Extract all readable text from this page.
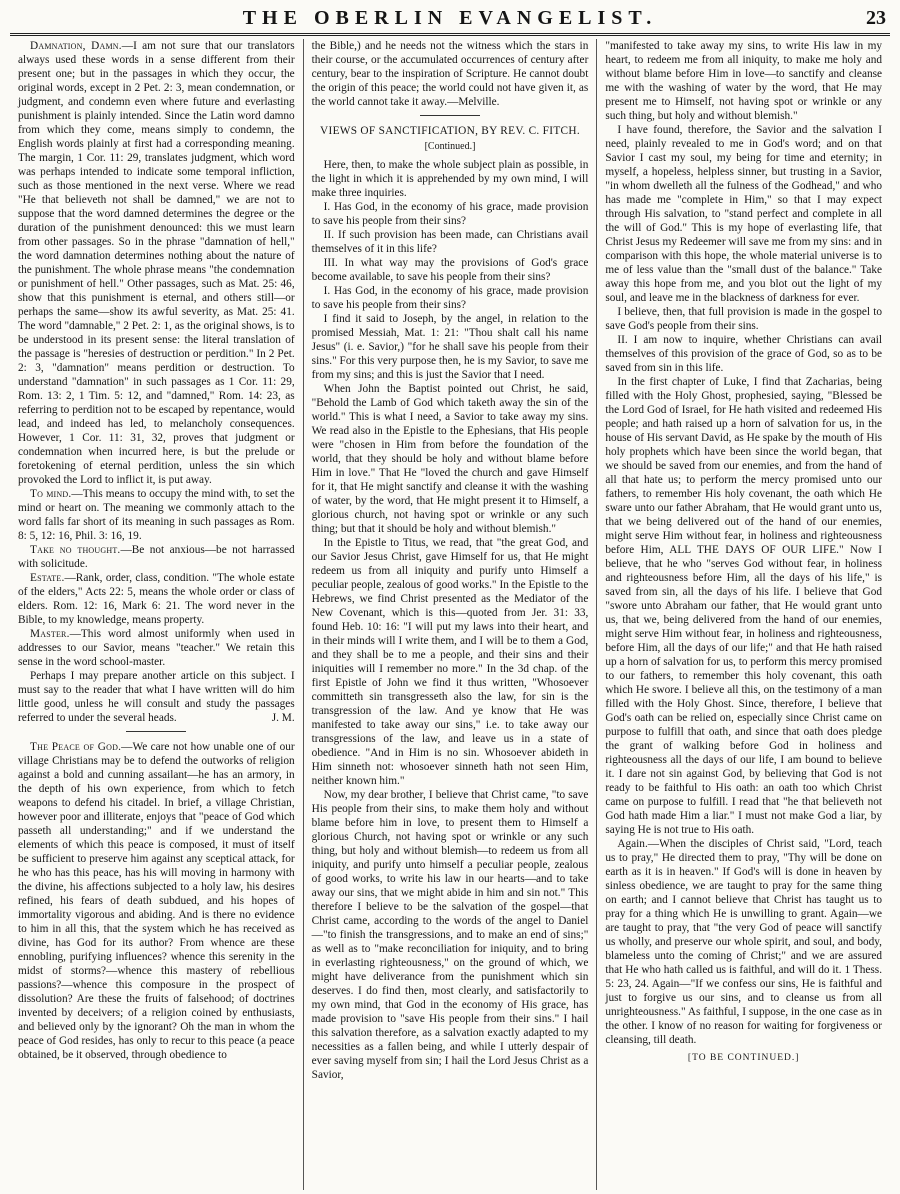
THE OBERLIN EVANGELIST.	23

Damnation, Damn.—I am not sure that our translators always used these words in a sense different from their present one; but in the passages in which they occur, the original words, except in 2 Pet. 2: 3, mean condemnation, or judgment, and condemn even where future and everlasting punishment is plainly intended. Since the Latin word damno from which they come, means simply to condemn, the English words plainly at first had a corresponding meaning. The margin, 1 Cor. 11: 29, translates judgment, which word was perhaps intended to indicate some temporal infliction, such as those mentioned in the next verse. Where we read "He that believeth not shall be damned," we are not to suppose that the word damned determines the degree or the duration of the punishment denounced: this we must learn from other passages. So in the phrase "damnation of hell," the word damnation determines nothing about the nature of the punishment. The whole phrase means "the condemnation or punishment of hell." Other passages, such as Mat. 25: 46, show that this punishment is eternal, and others still—or perhaps the same—show its awful severity, as Mat. 25: 41. The word "damnable," 2 Pet. 2: 1, as the original shows, is to be understood in its present sense: the literal translation of the passage is "heresies of destruction or perdition." In 2 Pet. 2: 3, "damnation" means perdition or destruction. To understand "damnation" in such passages as 1 Cor. 11: 29, Rom. 13: 2, 1 Tim. 5: 12, and "damned," Rom. 14: 23, as referring to perdition not to be escaped by repentance, would lead, and indeed has led, to melancholy consequences. However, 1 Cor. 11: 31, 32, proves that judgment or condemnation when incurred here, is but the prelude or foretokening of eternal perdition, unless the sin which provoked the Lord to inflict it, is put away.

To mind.—This means to occupy the mind with, to set the mind or heart on. The meaning we commonly attach to the word falls far short of its meaning in such passages as Rom. 8: 5, 12: 16, Phil. 3: 16, 19.

Take no thought.—Be not anxious—be not harrassed with solicitude.

Estate.—Rank, order, class, condition. "The whole estate of the elders," Acts 22: 5, means the whole order or class of elders. Rom. 12: 16, Mark 6: 21. The word never in the Bible, to my knowledge, means property.

Master.—This word almost uniformly when used in addresses to our Savior, means "teacher." We retain this sense in the word school-master.

Perhaps I may prepare another article on this subject. I must say to the reader that what I have written will do him little good, unless he will consult and study the passages referred to under the several heads.	J. M.

The Peace of God.—We care not how unable one of our village Christians may be to defend the outworks of religion against a bold and cunning assailant—he has an armory, in the depth of his own experience, from which to fetch weapons to defend his citadel. In brief, a village Christian, however poor and illiterate, enjoys that "peace of God which passeth all understanding;" and if we understand the elements of which this peace is composed, it must of itself be sufficient to preserve him against any sceptical attack, for he who has this peace, has his will moving in harmony with the divine, his affections subjected to a holy law, his desires refined, his fears of death subdued, and his hopes of immortality vigorous and abiding. And is there no evidence to him in all this, that the system which he has received as divine, has God for its author? From whence are these ennobling, purifying influences? whence this serenity in the midst of storms?—whence this mastery of rebellious passions?—whence this composure in the prospect of dissolution? Are these the fruits of falsehood; of doctrines invented by deceivers; of a religion coined by enthusiasts, and believed only by the ignorant? Oh the man in whom the peace of God resides, has only to recur to this peace (a peace obtained, be it observed, through obedience to

the Bible,) and he needs not the witness which the stars in their course, or the accumulated occurrences of century after century, bear to the inspiration of Scripture. He cannot doubt the origin of this peace; the world could not have given it, as the world cannot take it away.—Melville.

VIEWS OF SANCTIFICATION, BY REV. C. FITCH.

[Continued.]

Here, then, to make the whole subject plain as possible, in the light in which it is apprehended by my own mind, I will make three inquiries.

I. Has God, in the economy of his grace, made provision to save his people from their sins?

II. If such provision has been made, can Christians avail themselves of it in this life?

III. In what way may the provisions of God's grace become available, to save his people from their sins?

I. Has God, in the economy of his grace, made provision to save his people from their sins?

I find it said to Joseph, by the angel, in relation to the promised Messiah, Mat. 1: 21: "Thou shalt call his name Jesus" (i. e. Savior,) "for he shall save his people from their sins." For this very purpose then, he is my Savior, to save me from my sins; and this is just the Savior that I need.

When John the Baptist pointed out Christ, he said, "Behold the Lamb of God which taketh away the sin of the world." This is what I need, a Savior to take away my sins. We read also in the Epistle to the Ephesians, that His people were "chosen in Him from before the foundation of the world, that they should be holy and without blame before Him in love." That He "loved the church and gave Himself for it, that He might sanctify and cleanse it with the washing of water, by the word, that He might present it to Himself, a glorious church, not having spot or wrinkle or any such thing; but that it should be holy and without blemish."

In the Epistle to Titus, we read, that "the great God, and our Savior Jesus Christ, gave Himself for us, that He might redeem us from all iniquity and purify unto Himself a peculiar people, zealous of good works." In the Epistle to the Hebrews, we find Christ presented as the Mediator of the New Covenant, which is this—quoted from Jer. 31: 33, found Heb. 10: 16: "I will put my laws into their heart, and in their minds will I write them, and I will be to them a God, and they shall be to me a people, and their sins and their iniquities will I remember no more." In the 3d chap. of the first Epistle of John we find it thus written, "Whosoever committeth sin transgresseth also the law, for sin is the transgression of the law. And ye know that He was manifested to take away our sins," i.e. to take away our transgressions of the law, and leave us in a state of obedience. "And in Him is no sin. Whosoever abideth in Him sinneth not: whosoever sinneth hath not seen Him, neither known him."

Now, my dear brother, I believe that Christ came, "to save His people from their sins, to make them holy and without blame before him in love, to present them to Himself a glorious Church, not having spot or wrinkle or any such thing, but holy and without blemish—to redeem us from all iniquity, and purify unto himself a peculiar people, zealous of good works, to write his law in our hearts—and to take away our sins, that we might abide in him and sin not." This therefore I believe to be the salvation of the gospel—that Christ came, according to the words of the angel to Daniel—"to finish the transgressions, and to make an end of sins;" as well as to "make reconciliation for iniquity, and to bring in everlasting righteousness," on the ground of which, we might have deliverance from the punishment which sin deserves. I do find then, most clearly, and satisfactorily to my own mind, that God in the economy of His grace, has made provision to "save His people from their sins." I hail this salvation therefore, as a salvation exactly adapted to my necessities as a fallen being, and while I utterly despair of ever saving myself from sin; I hail the Lord Jesus Christ as a Savior,

"manifested to take away my sins, to write His law in my heart, to redeem me from all iniquity, to make me holy and without blame before Him in love—to sanctify and cleanse me with the washing of water by the word, that He may present me to Himself, not having spot or wrinkle or any such thing, but holy and without blemish."

I have found, therefore, the Savior and the salvation I need, plainly revealed to me in God's word; and on that Savior I cast my soul, my being for time and eternity; in myself, a hopeless, helpless sinner, but trusting in a Savior, "in whom dwelleth all the fulness of the Godhead," and who has made me "complete in Him," so that I may expect through His salvation, to "stand perfect and complete in all the will of God." This is my hope of everlasting life, that Christ Jesus my Redeemer will save me from my sins: and in comparison with this hope, the whole material universe is to me of less value than the "small dust of the balance." Take away this hope from me, and you blot out the light of my soul, and leave me in the blackness of darkness for ever.

I believe, then, that full provision is made in the gospel to save God's people from their sins.

II. I am now to inquire, whether Christians can avail themselves of this provision of the grace of God, so as to be saved from sin in this life.

In the first chapter of Luke, I find that Zacharias, being filled with the Holy Ghost, prophesied, saying, "Blessed be the Lord God of Israel, for He hath visited and redeemed His people; and hath raised up a horn of salvation for us, in the house of His servant David, as He spake by the mouth of His holy prophets which have been since the world began, that we should be saved from our enemies, and from the hand of all that hate us; to perform the mercy promised unto our fathers, to remember His holy covenant, the oath which He sware unto our father Abraham, that He would grant unto us, that we being delivered out of the hand of our enemies, might serve Him without fear, in holiness and righteousness before Him, ALL THE DAYS OF OUR LIFE." Now I believe, that he who "serves God without fear, in holiness and righteousness before Him, all the days of his life," is saved from sin, all the days of his life. I believe that God "swore unto Abraham our father, that He would grant unto us, that we, being delivered from the hand of our enemies, might serve Him without fear, in holiness and righteousness, before Him, all the days of our life;" and that He hath raised up a horn of salvation for us, to perform this mercy promised to our fathers, to remember this holy covenant, this oath which He swore. I believe all this, on the testimony of a man filled with the Holy Ghost. Since, therefore, I believe that God's oath can be relied on, especially since Christ came on purpose to fulfill that oath, and since that oath does pledge the grant of walking before God in holiness and righteousness all the days of our life, I am bound to believe it. I dare not sin against God, by believing that God is not ready to be faithful to His oath: an oath too which Christ came on purpose to fulfill. I read that "he that believeth not God hath made Him a liar." I must not make God a liar, by saying He is not true to His oath.

Again.—When the disciples of Christ said, "Lord, teach us to pray," He directed them to pray, "Thy will be done on earth as it is in heaven." If God's will is done in heaven by sinless obedience, we are taught to pray for the same thing on earth; and I cannot believe that Christ has taught us to pray for a thing which He is unwilling to grant. Again—we are taught to pray, that "the very God of peace will sanctify us wholly, and preserve our whole spirit, and soul, and body, blameless unto the coming of Christ;" and we are assured that He who hath called us is faithful, and will do it. 1 Thess. 5: 23, 24. Again—"If we confess our sins, He is faithful and just to forgive us our sins, and to cleanse us from all unrighteousness." As faithful, I suppose, in the one case as in the other. I know of no reason for waiting for forgiveness or cleansing, till death.

[TO BE CONTINUED.]
